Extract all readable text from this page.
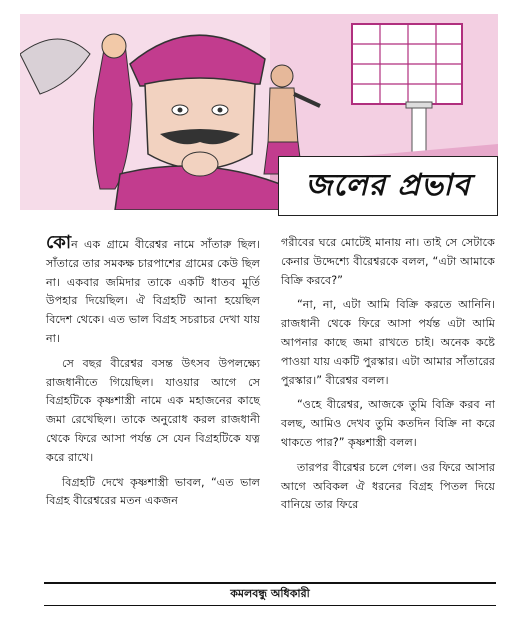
জলের প্রভাব

কোন এক গ্রামে বীরেশ্বর নামে সাঁতারু ছিল। সাঁতারে তার সমকক্ষ চারপাশের গ্রামের কেউ ছিল না। একবার জমিদার তাকে একটি ধাতব মূর্তি উপহার দিয়েছিল। ঐ বিগ্রহটি আনা হয়েছিল বিদেশ থেকে। এত ভাল বিগ্রহ সচরাচর দেখা যায় না।

সে বছর বীরেশ্বর বসন্ত উৎসব উপলক্ষ্যে রাজধানীতে গিয়েছিল। যাওয়ার আগে সে বিগ্রহটিকে কৃষ্ণশাস্ত্রী নামে এক মহাজনের কাছে জমা রেখেছিল। তাকে অনুরোধ করল রাজধানী থেকে ফিরে আসা পর্যন্ত সে যেন বিগ্রহটিকে যত্ন করে রাখে।

বিগ্রহটি দেখে কৃষ্ণশাস্ত্রী ভাবল, “এত ভাল বিগ্রহ বীরেশ্বরের মতন একজন

গরীবের ঘরে মোটেই মানায় না। তাই সে সেটাকে কেনার উদ্দেশ্যে বীরেশ্বরকে বলল, “এটা আমাকে বিক্রি করবে?”

“না, না, এটা আমি বিক্রি করতে আনিনি। রাজধানী থেকে ফিরে আসা পর্যন্ত এটা আমি আপনার কাছে জমা রাখতে চাই। অনেক কষ্টে পাওয়া যায় একটি পুরস্কার। এটা আমার সাঁতারের পুরস্কার।” বীরেশ্বর বলল।

“ওহে বীরেশ্বর, আজকে তুমি বিক্রি করব না বলছ, আমিও দেখব তুমি কতদিন বিক্রি না করে থাকতে পার?” কৃষ্ণশাস্ত্রী বলল।

তারপর বীরেশ্বর চলে গেল। ওর ফিরে আসার আগে অবিকল ঐ ধরনের বিগ্রহ পিতল দিয়ে বানিয়ে তার ফিরে

কমলবন্ধু অধিকারী
